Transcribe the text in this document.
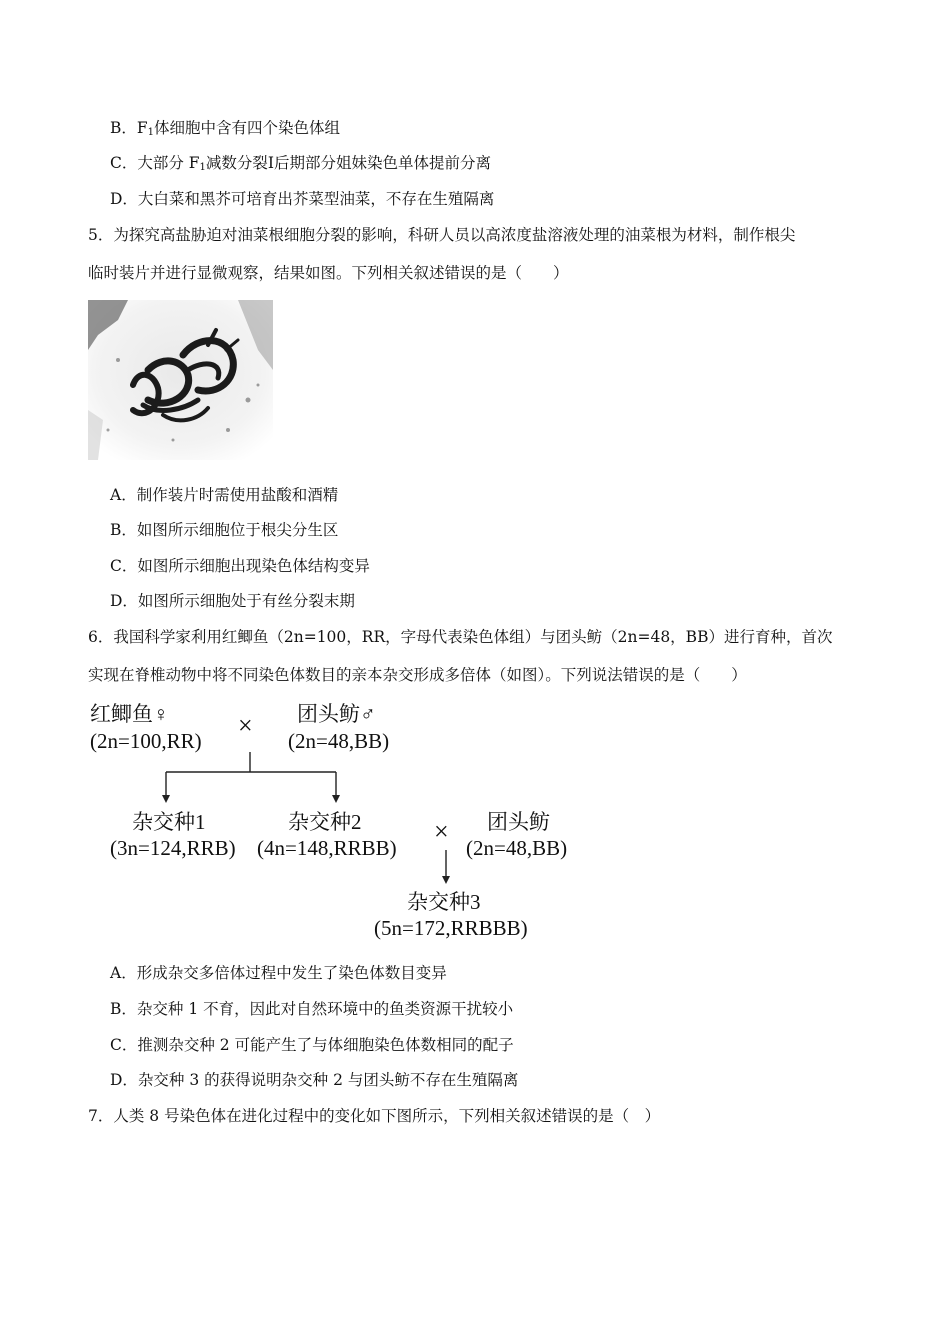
B．$F_1$体细胞中含有四个染色体组
C．大部分 $F_1$减数分裂Ⅰ后期部分姐妹染色单体提前分离
D．大白菜和黑芥可培育出芥菜型油菜，不存在生殖隔离
5．为探究高盐胁迫对油菜根细胞分裂的影响，科研人员以高浓度盐溶液处理的油菜根为材料，制作根尖
临时装片并进行显微观察，结果如图。下列相关叙述错误的是（　　）
A．制作装片时需使用盐酸和酒精
B．如图所示细胞位于根尖分生区
C．如图所示细胞出现染色体结构变异
D．如图所示细胞处于有丝分裂末期
6．我国科学家利用红鲫鱼（2n=100，RR，字母代表染色体组）与团头鲂（2n=48，BB）进行育种，首次
实现在脊椎动物中将不同染色体数目的亲本杂交形成多倍体（如图）。下列说法错误的是（　　）
红鲫鱼♀
(2n=100,RR)
× 团头鲂♂
(2n=48,BB)
杂交种1
(3n=124,RRB)
杂交种2
(4n=148,RRBB)
× 团头鲂
(2n=48,BB)
杂交种3
(5n=172,RRBBB)
A．形成杂交多倍体过程中发生了染色体数目变异
B．杂交种 1 不育，因此对自然环境中的鱼类资源干扰较小
C．推测杂交种 2 可能产生了与体细胞染色体数相同的配子
D．杂交种 3 的获得说明杂交种 2 与团头鲂不存在生殖隔离
7．人类 8 号染色体在进化过程中的变化如下图所示，下列相关叙述错误的是（　）
